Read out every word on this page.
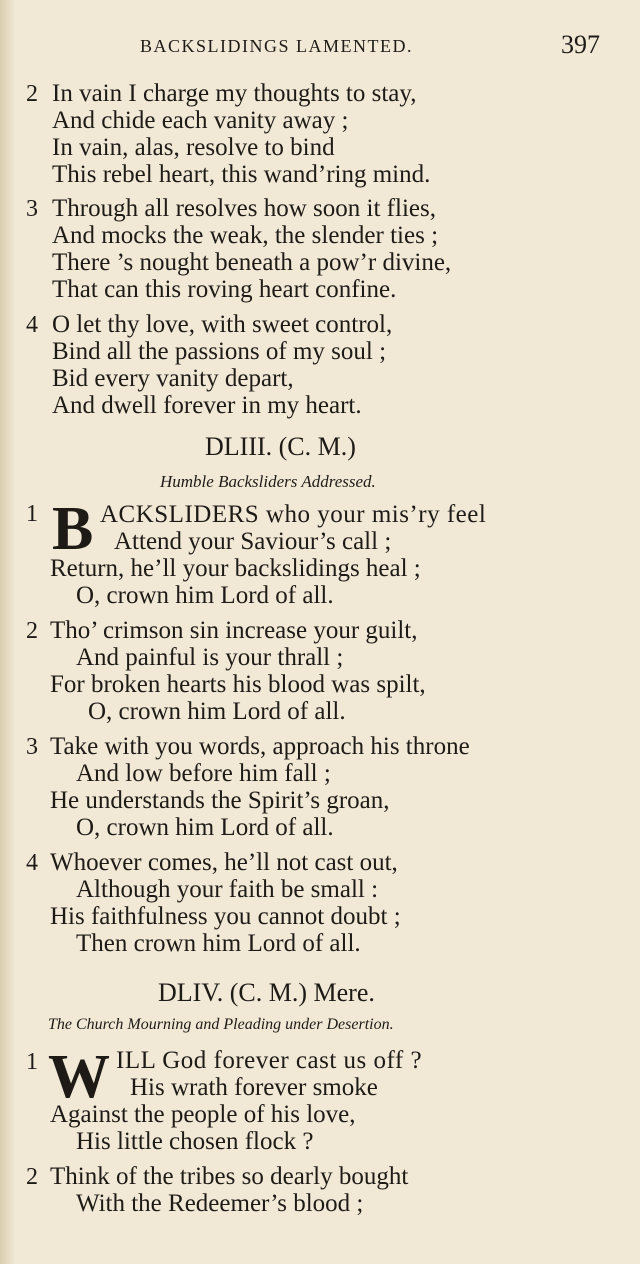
BACKSLIDINGS LAMENTED.	397
2 In vain I charge my thoughts to stay,
And chide each vanity away ;
In vain, alas, resolve to bind
This rebel heart, this wand’ring mind.
3 Through all resolves how soon it flies,
And mocks the weak, the slender ties ;
There ’s nought beneath a pow’r divine,
That can this roving heart confine.
4 O let thy love, with sweet control,
Bind all the passions of my soul ;
Bid every vanity depart,
And dwell forever in my heart.
DLIII. (C. M.)
Humble Backsliders Addressed.
1 B ACKSLIDERS who your mis’ry feel
Attend your Saviour’s call ;
Return, he’ll your backslidings heal ;
O, crown him Lord of all.
2 Tho’ crimson sin increase your guilt,
And painful is your thrall ;
For broken hearts his blood was spilt,
O, crown him Lord of all.
3 Take with you words, approach his throne
And low before him fall ;
He understands the Spirit’s groan,
O, crown him Lord of all.
4 Whoever comes, he’ll not cast out,
Although your faith be small :
His faithfulness you cannot doubt ;
Then crown him Lord of all.
DLIV. (C. M.) Mere.
The Church Mourning and Pleading under Desertion.
1 W ILL God forever cast us off ?
His wrath forever smoke
Against the people of his love,
His little chosen flock ?
2 Think of the tribes so dearly bought
With the Redeemer’s blood ;
